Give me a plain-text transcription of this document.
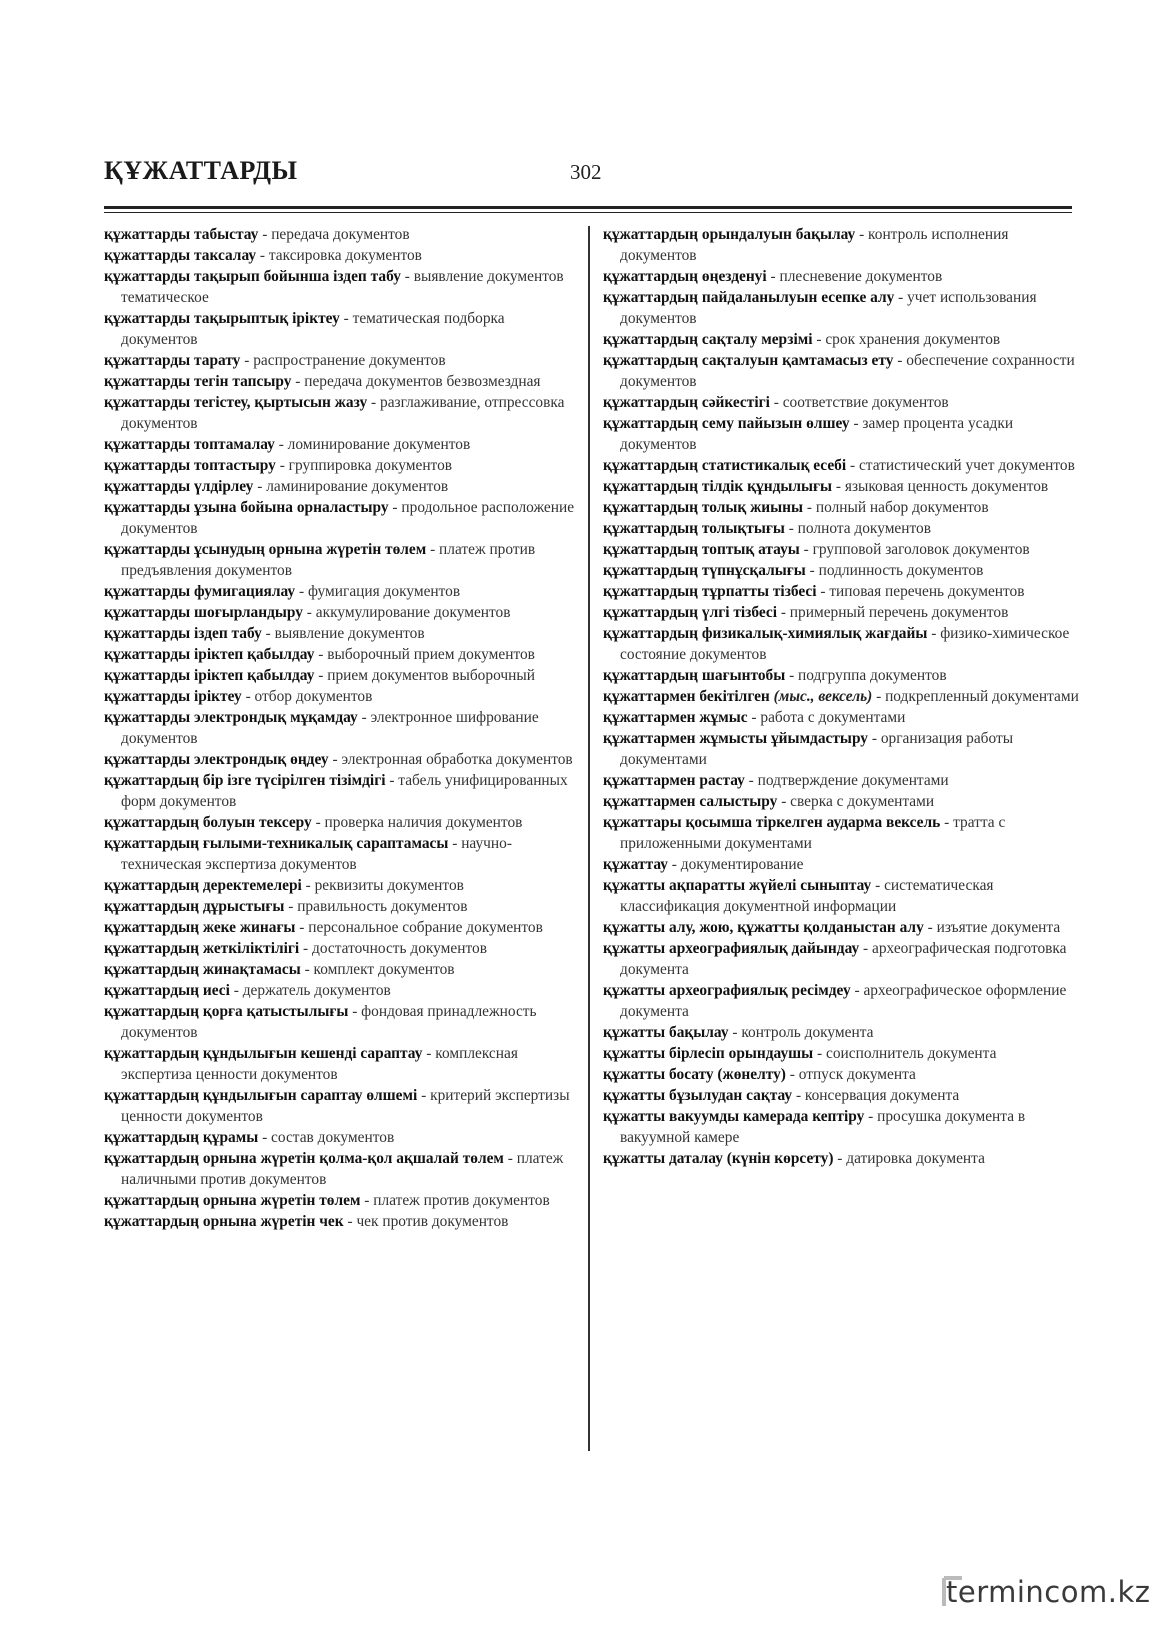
ҚҰЖАТТАРДЫ	302

құжаттарды табыстау - передача документов

құжаттарды таксалау - таксировка документов

құжаттарды тақырып бойынша іздеп табу - выявление документов тематическое

құжаттарды тақырыптық іріктеу - тематическая подборка документов

құжаттарды тарату - распространение документов

құжаттарды тегін тапсыру - передача документов безвозмездная

құжаттарды тегістеу, қыртысын жазу - разглаживание, отпрессовка документов

құжаттарды топтамалау - ломинирование документов

құжаттарды топтастыру - группировка документов

құжаттарды үлдірлеу - ламинирование документов

құжаттарды ұзына бойына орналастыру - продольное расположение документов

құжаттарды ұсынудың орнына жүретін төлем - платеж против предъявления документов

құжаттарды фумигациялау - фумигация документов

құжаттарды шоғырландыру - аккумулирование документов

құжаттарды іздеп табу - выявление документов

құжаттарды іріктеп қабылдау - выборочный прием документов

құжаттарды іріктеп қабылдау - прием документов выборочный

құжаттарды іріктеу - отбор документов

құжаттарды электрондық мұқамдау - электронное шифрование документов

құжаттарды электрондық өңдеу - электронная обработка документов

құжаттардың бір ізге түсірілген тізімдігі - табель унифицированных форм документов

құжаттардың болуын тексеру - проверка наличия документов

құжаттардың ғылыми-техникалық сараптамасы - научно-техническая экспертиза документов

құжаттардың деректемелері - реквизиты документов

құжаттардың дұрыстығы - правильность документов

құжаттардың жеке жинағы - персональное собрание документов

құжаттардың жеткіліктілігі - достаточность документов

құжаттардың жинақтамасы - комплект документов

құжаттардың иесі - держатель документов

құжаттардың қорға қатыстылығы - фондовая принадлежность документов

құжаттардың құндылығын кешенді сараптау - комплексная экспертиза ценности документов

құжаттардың құндылығын сараптау өлшемі - критерий экспертизы ценности документов

құжаттардың құрамы - состав документов

құжаттардың орнына жүретін қолма-қол ақшалай төлем - платеж наличными против документов

құжаттардың орнына жүретін төлем - платеж против документов

құжаттардың орнына жүретін чек - чек против документов

құжаттардың орындалуын бақылау - контроль исполнения документов

құжаттардың өңезденуі - плесневение документов

құжаттардың пайдаланылуын есепке алу - учет использования документов

құжаттардың сақталу мерзімі - срок хранения документов

құжаттардың сақталуын қамтамасыз ету - обеспечение сохранности документов

құжаттардың сәйкестігі - соответствие документов

құжаттардың сему пайызын өлшеу - замер процента усадки документов

құжаттардың статистикалық есебі - статистический учет документов

құжаттардың тілдік құндылығы - языковая ценность документов

құжаттардың толық жиыны - полный набор документов

құжаттардың толықтығы - полнота документов

құжаттардың топтық атауы - групповой заголовок документов

құжаттардың түпнұсқалығы - подлинность документов

құжаттардың тұрпатты тізбесі - типовая перечень документов

құжаттардың үлгі тізбесі - примерный перечень документов

құжаттардың физикалық-химиялық жағдайы - физико-химическое состояние документов

құжаттардың шағынтобы - подгруппа документов

құжаттармен бекітілген (мыс., вексель) - подкрепленный документами

құжаттармен жұмыс - работа с документами

құжаттармен жұмысты ұйымдастыру - организация работы документами

құжаттармен растау - подтверждение документами

құжаттармен салыстыру - сверка с документами

құжаттары қосымша тіркелген аудармa вексель - тратта с приложенными документами

құжаттау - документирование

құжатты ақпаратты жүйелі сыныптау - систематическая классификация документной информации

құжатты алу, жою, құжатты қолданыстан алу - изъятие документа

құжатты археографиялық дайындау - археографическая подготовка документа

құжатты археографиялық ресімдеу - археографическое оформление документа

құжатты бақылау - контроль документа

құжатты бірлесіп орындаушы - соисполнитель документа

құжатты босату (жөнелту) - отпуск документа

құжатты бұзылудан сақтау - консервация документа

құжатты вакуумды камерада кептіру - просушка документа в вакуумной камере

құжатты даталау (күнін көрсету) - датировка документа

termincom.kz
